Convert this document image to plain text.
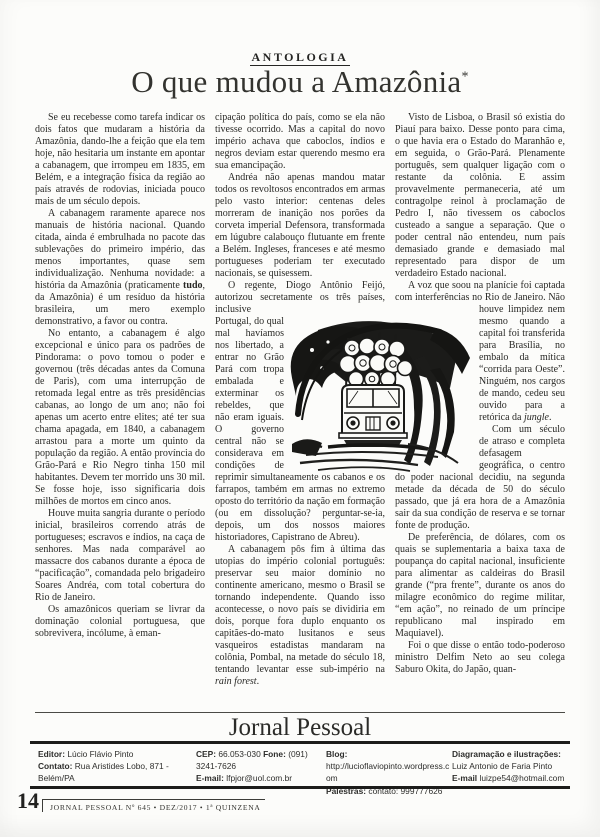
ANTOLOGIA
O que mudou a Amazônia*

Se eu recebesse como tarefa indicar os dois fatos que mudaram a história da Amazônia, dando-lhe a feição que ela tem hoje, não hesitaria um instante em apontar a cabanagem, que irrompeu em 1835, em Belém, e a integração física da região ao país através de rodovias, iniciada pouco mais de um século depois.

A cabanagem raramente aparece nos manuais de história nacional. Quando citada, ainda é embrulhada no pacote das sublevações do primeiro império, das menos importantes, quase sem individualização. Nenhuma novidade: a história da Amazônia (praticamente tudo, da Amazônia) é um resíduo da história brasileira, um mero exemplo demonstrativo, a favor ou contra.

No entanto, a cabanagem é algo excepcional e único para os padrões de Pindorama: o povo tomou o poder e governou (três décadas antes da Comuna de Paris), com uma interrupção de retomada legal entre as três presidências cabanas, ao longo de um ano; não foi apenas um acerto entre elites; até ter sua chama apagada, em 1840, a cabanagem arrastou para a morte um quinto da população da região. A então província do Grão-Pará e Rio Negro tinha 150 mil habitantes. Devem ter morrido uns 30 mil. Se fosse hoje, isso significaria dois milhões de mortos em cinco anos.

Houve muita sangria durante o período inicial, brasileiros correndo atrás de portugueses; escravos e índios, na caça de senhores. Mas nada comparável ao massacre dos cabanos durante a época de “pacificação”, comandada pelo brigadeiro Soares Andréa, com total cobertura do Rio de Janeiro.

Os amazônicos queriam se livrar da dominação colonial portuguesa, que sobrevivera, incólume, à eman-

cipação política do país, como se ela não tivesse ocorrido. Mas a capital do novo império achava que caboclos, índios e negros deviam estar querendo mesmo era sua emancipação.

Andréa não apenas mandou matar todos os revoltosos encontrados em armas pelo vasto interior: centenas deles morreram de inanição nos porões da corveta imperial Defensora, transformada em lúgubre calabouço flutuante em frente a Belém. Ingleses, franceses e até mesmo portugueses poderiam ter executado nacionais, se quisessem.

O regente, Diogo Antônio Feijó, autorizou secretamente os três países,
inclusive Portugal, do qual mal havíamos nos libertado, a entrar no Grão Pará com tropa embalada e exterminar os rebeldes, que não eram iguais. O governo central não se considerava em condições de reprimir simultaneamente os cabanos e os farrapos, também em armas no extremo oposto do território da nação em formação (ou em dissolução? perguntar-se-ia, depois, um dos nossos maiores historiadores, Capistrano de Abreu).

A cabanagem pôs fim à última das utopias do império colonial português: preservar seu maior domínio no continente americano, mesmo o Brasil se tornando independente. Quando isso acontecesse, o novo país se dividiria em dois, porque fora duplo enquanto os capitães-do-mato lusitanos e seus vasqueiros estadistas mandaram na colônia, Pombal, na metade do século 18, tentando levantar esse sub-império na rain forest.

Visto de Lisboa, o Brasil só existia do Piauí para baixo. Desse ponto para cima, o que havia era o Estado do Maranhão e, em seguida, o Grão-Pará. Plenamente português, sem qualquer ligação com o restante da colônia. E assim provavelmente permaneceria, até um contragolpe reinol à proclamação de Pedro I, não tivessem os caboclos custeado a sangue a separação. Que o poder central não entendeu, num país demasiado grande e demasiado mal representado para dispor de um verdadeiro Estado nacional.

A voz que soou na planície foi captada com interferências no Rio de Janeiro. Não houve limpidez nem
mesmo quando a capital foi transferida para Brasília, no embalo da mítica “corrida para Oeste”. Ninguém, nos cargos de mando, cedeu seu ouvido para a retórica da jungle.

Com um século de atraso e completa defasagem geográfica, o centro do poder nacional decidiu, na segunda metade da década de 50 do século passado, que já era hora de a Amazônia sair da sua condição de reserva e se tornar fonte de produção.

De preferência, de dólares, com os quais se suplementaria a baixa taxa de poupança do capital nacional, insuficiente para alimentar as caldeiras do Brasil grande (“pra frente”, durante os anos do milagre econômico do regime militar, “em ação”, no reinado de um príncipe republicano mal inspirado em Maquiavel).

Foi o que disse o então todo-poderoso ministro Delfim Neto ao seu colega Saburo Okita, do Japão, quan-

Jornal Pessoal
Editor: Lúcio Flávio Pinto
Contato: Rua Aristides Lobo, 871 - Belém/PA
CEP: 66.053-030 Fone: (091) 3241-7626
E-mail: lfpjor@uol.com.br
Blog: http://lucioflaviopinto.wordpress.com
Palestras: contato: 999777626
Diagramação e ilustrações:
Luiz Antonio de Faria Pinto
E-mail luizpe54@hotmail.com
14	JORNAL PESSOAL Nº 645 • DEZ/2017 • 1ª QUINZENA
